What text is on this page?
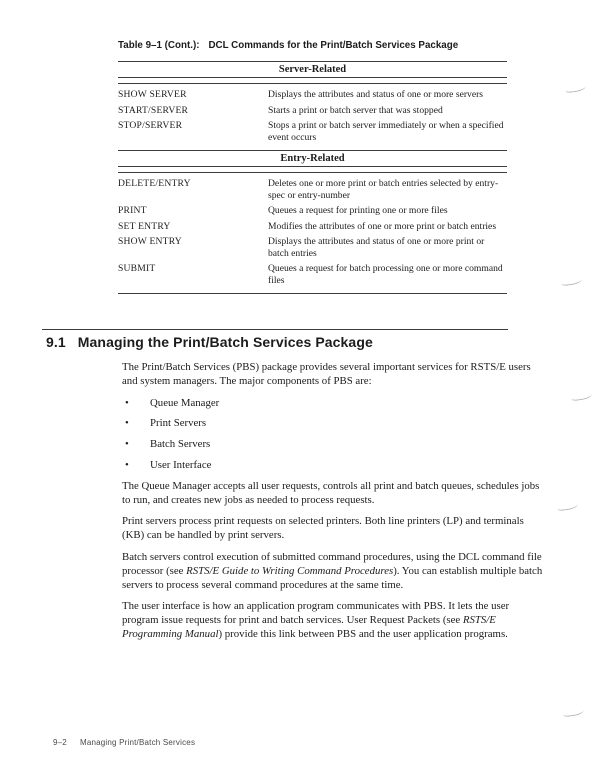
Table 9–1 (Cont.): DCL Commands for the Print/Batch Services Package
Server-Related
SHOW SERVER	Displays the attributes and status of one or more servers
START/SERVER	Starts a print or batch server that was stopped
STOP/SERVER	Stops a print or batch server immediately or when a specified event occurs
Entry-Related
DELETE/ENTRY	Deletes one or more print or batch entries selected by entry-spec or entry-number
PRINT	Queues a request for printing one or more files
SET ENTRY	Modifies the attributes of one or more print or batch entries
SHOW ENTRY	Displays the attributes and status of one or more print or batch entries
SUBMIT	Queues a request for batch processing one or more command files
9.1 Managing the Print/Batch Services Package

The Print/Batch Services (PBS) package provides several important services for RSTS/E users and system managers. The major components of PBS are:

• Queue Manager
• Print Servers
• Batch Servers
• User Interface

The Queue Manager accepts all user requests, controls all print and batch queues, schedules jobs to run, and creates new jobs as needed to process requests.

Print servers process print requests on selected printers. Both line printers (LP) and terminals (KB) can be handled by print servers.

Batch servers control execution of submitted command procedures, using the DCL command file processor (see RSTS/E Guide to Writing Command Procedures). You can establish multiple batch servers to process several command procedures at the same time.

The user interface is how an application program communicates with PBS. It lets the user program issue requests for print and batch services. User Request Packets (see RSTS/E Programming Manual) provide this link between PBS and the user application programs.

9–2 Managing Print/Batch Services
